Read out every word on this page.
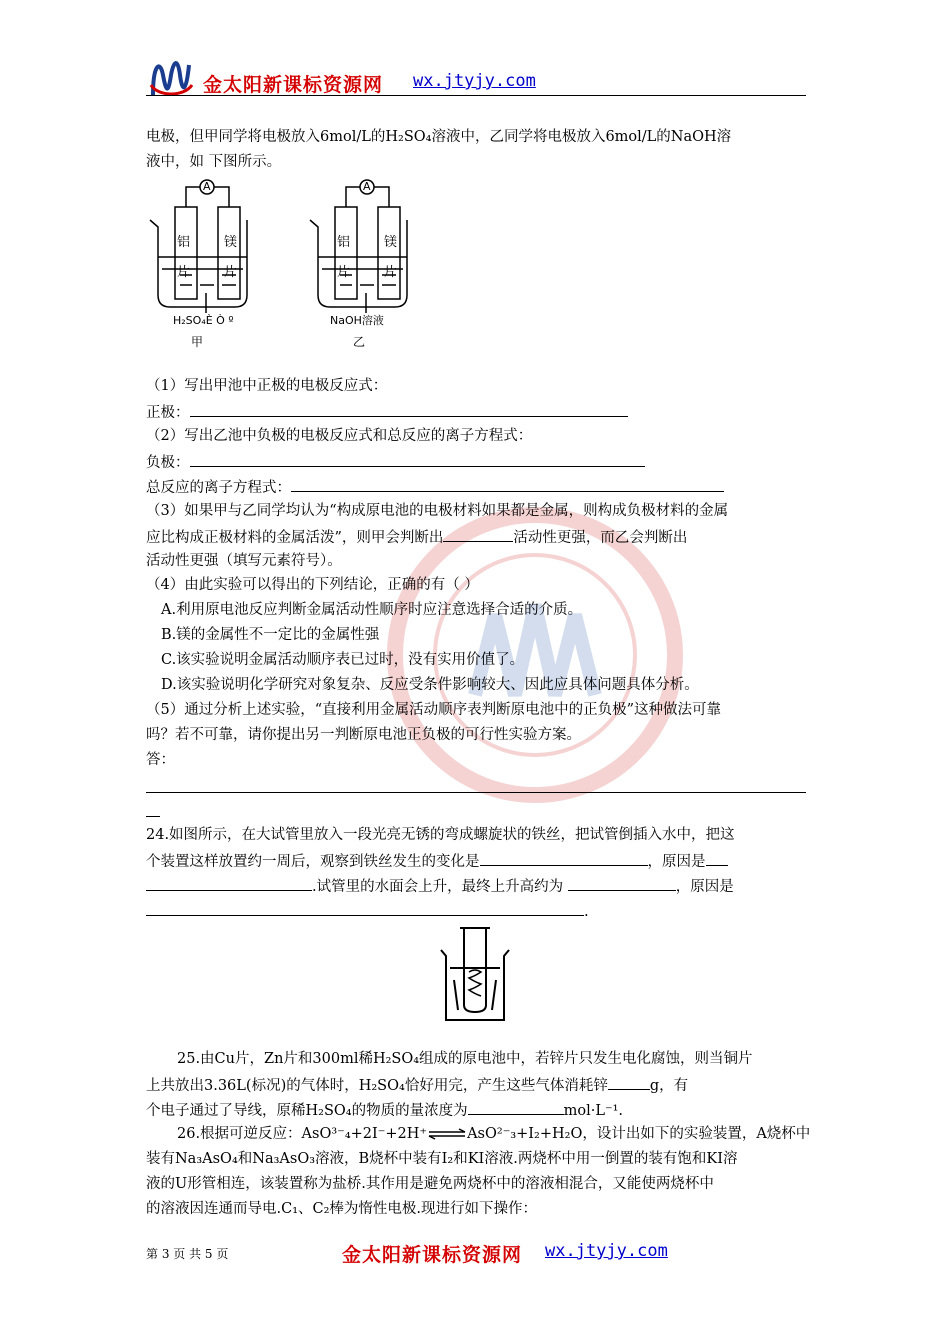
金太阳新课标资源网 wx.jtyjy.com
电极，但甲同学将电极放入6mol/L的H₂SO₄溶液中，乙同学将电极放入6mol/L的NaOH溶
液中，如 下图所示。
A	A
铝	镁
片	片
铝	镁
片	片
H₂SO₄È Ò º	NaOH溶液
甲	乙
（1）写出甲池中正极的电极反应式：
正极：
（2）写出乙池中负极的电极反应式和总反应的离子方程式：
负极：
总反应的离子方程式：
（3）如果甲与乙同学均认为“构成原电池的电极材料如果都是金属，则构成负极材料的金属
应比构成正极材料的金属活泼”，则甲会判断出	活动性更强，而乙会判断出
活动性更强（填写元素符号）。
（4）由此实验可以得出的下列结论，正确的有（ ）
A.利用原电池反应判断金属活动性顺序时应注意选择合适的介质。
B.镁的金属性不一定比的金属性强
C.该实验说明金属活动顺序表已过时，没有实用价值了。
D.该实验说明化学研究对象复杂、反应受条件影响较大、因此应具体问题具体分析。
（5）通过分析上述实验，“直接利用金属活动顺序表判断原电池中的正负极”这种做法可靠
吗？若不可靠，请你提出另一判断原电池正负极的可行性实验方案。
答：
24.如图所示，在大试管里放入一段光亮无锈的弯成螺旋状的铁丝，把试管倒插入水中，把这
个装置这样放置约一周后，观察到铁丝发生的变化是	，原因是
.试管里的水面会上升，最终上升高约为	，原因是
.
25.由Cu片，Zn片和300ml稀H₂SO₄组成的原电池中，若锌片只发生电化腐蚀，则当铜片
上共放出3.36L(标况)的气体时，H₂SO₄恰好用完，产生这些气体消耗锌	g，有
个电子通过了导线，原稀H₂SO₄的物质的量浓度为	mol·L⁻¹.
26.根据可逆反应：AsO³⁻₄+2I⁻+2H⁺⇌AsO²⁻₃+I₂+H₂O，设计出如下的实验装置，A烧杯中
装有Na₃AsO₄和Na₃AsO₃溶液，B烧杯中装有I₂和KI溶液.两烧杯中用一倒置的装有饱和KI溶
液的U形管相连，该装置称为盐桥.其作用是避免两烧杯中的溶液相混合，又能使两烧杯中
的溶液因连通而导电.C₁、C₂棒为惰性电极.现进行如下操作：
第 3 页 共 5 页	金太阳新课标资源网 wx.jtyjy.com
